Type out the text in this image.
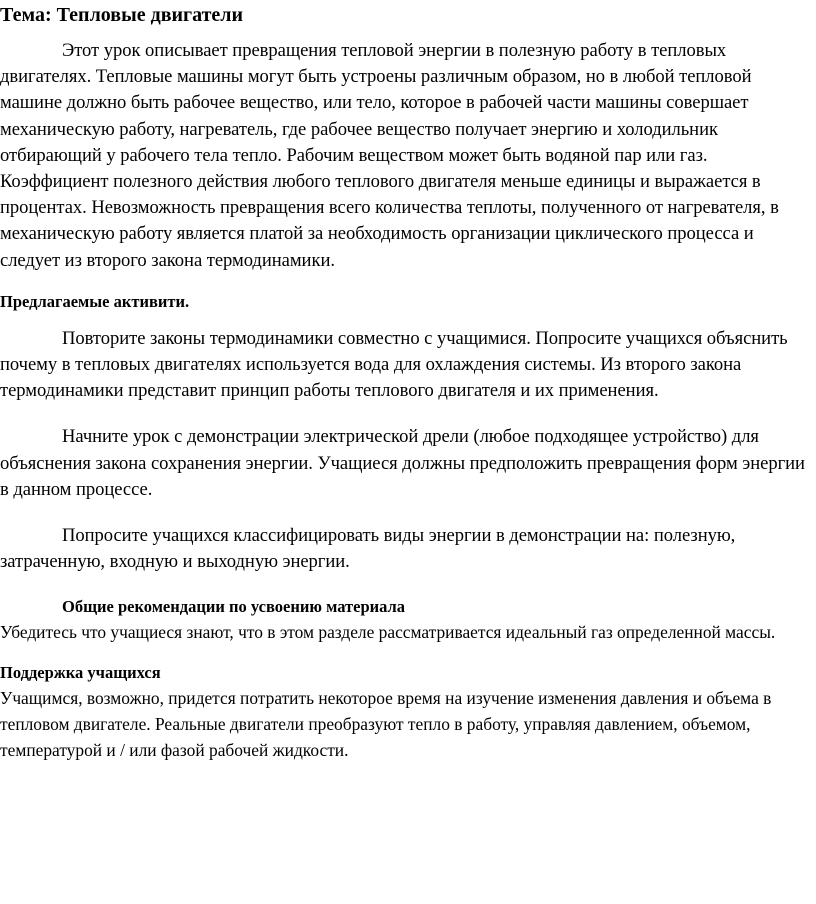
Тема: Тепловые двигатели

Этот урок описывает превращения тепловой энергии в полезную работу в тепловых двигателях. Тепловые машины могут быть устроены различным образом, но в любой тепловой машине должно быть рабочее вещество, или тело, которое в рабочей части машины совершает механическую работу, нагреватель, где рабочее вещество получает энергию и холодильник отбирающий у рабочего тела тепло. Рабочим веществом может быть водяной пар или газ. Коэффициент полезного действия любого теплового двигателя меньше единицы и выражается в процентах. Невозможность превращения всего количества теплоты, полученного от нагревателя, в механическую работу является платой за необходимость организации циклического процесса и следует из второго закона термодинамики.

Предлагаемые активити.

Повторите законы термодинамики совместно с учащимися. Попросите учащихся объяснить почему в тепловых двигателях используется вода для охлаждения системы. Из второго закона термодинамики представит принцип работы теплового двигателя и их применения.

Начните урок с демонстрации электрической дрели (любое подходящее устройство) для объяснения закона сохранения энергии. Учащиеся должны предположить превращения форм энергии в данном процессе.

Попросите учащихся классифицировать виды энергии в демонстрации на: полезную, затраченную, входную и выходную энергии.

Общие рекомендации по усвоению материала

Убедитесь что учащиеся знают, что в этом разделе рассматривается идеальный газ определенной массы.

Поддержка учащихся

Учащимся, возможно, придется потратить некоторое время на изучение изменения давления и объема в тепловом двигателе. Реальные двигатели преобразуют тепло в работу, управляя давлением, объемом, температурой и / или фазой рабочей жидкости.
